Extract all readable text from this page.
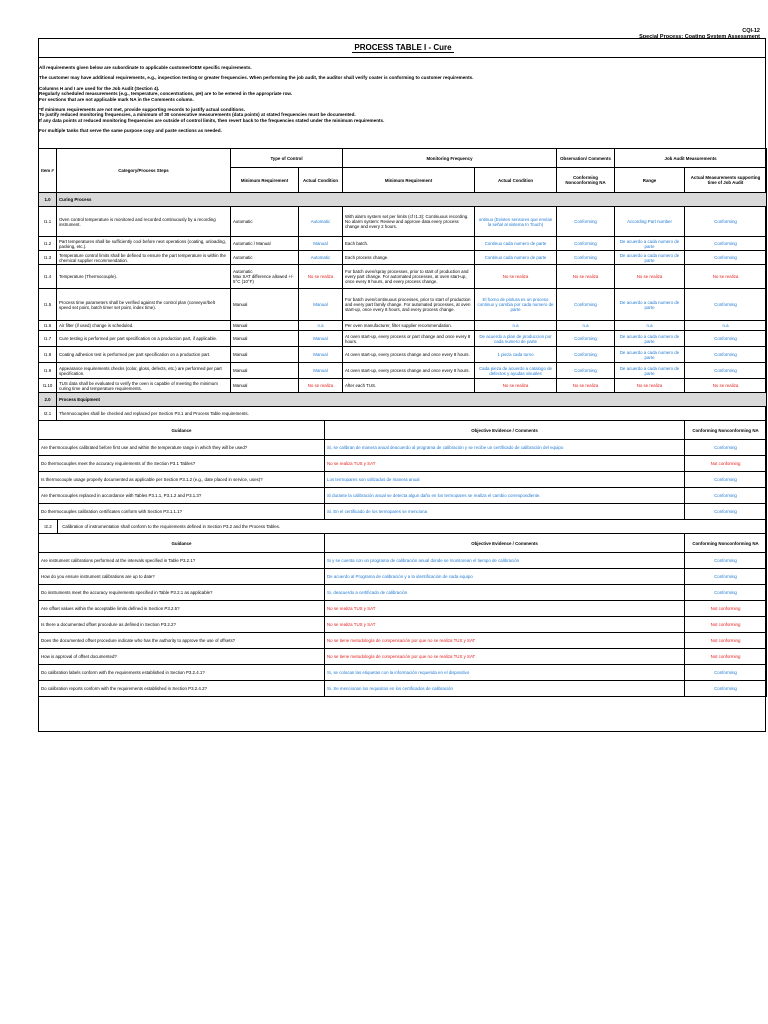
CQI-12
Special Process: Coating System Assessment
PROCESS TABLE I - Cure

All requirements given below are subordinate to applicable customer/OEM specific requirements.

The customer may have additional requirements, e.g., inspection testing or greater frequencies. When performing the job audit, the auditor shall verify coater is conforming to customer requirements.

Columns H and I are used for the Job Audit (Section 4).

Regularly scheduled measurements (e.g., temperature, concentrations, pH) are to be entered in the appropriate row.

For sections that are not applicable mark NA in the Comments column.

*If minimum requirements are not met, provide supporting records to justify actual conditions.

To justify reduced monitoring frequencies, a minimum of 30 consecutive measurements (data points) at stated frequencies must be documented.

If any data points at reduced monitoring frequencies are outside of control limits, then revert back to the frequencies stated under the minimum requirements.

For multiple tanks that serve the same purpose copy and paste sections as needed.

Item #	Category/Process Steps	Type of Control		Monitoring Frequency		Observation/ Comments	Job Audit Measurements	
		Minimum Requirement	Actual Condition	Minimum Requirement	Actual Condition	Conforming Nonconforming NA	Range	Actual Measurements supporting time of Job Audit
1.0	Curing Process							
I1.1	Oven control temperature is monitored and recorded continuously by a recording instrument.	Automatic	Automatic	With alarm system set per limits (cf I1.3): Continuous recording.
No alarm system: Review and approve data every process change and every 2 hours.	ontinuo (Existen sensores que envían la señal al sistema In Touch)	Conforming	According Part number	Conforming
I1.2	Part temperatures shall be sufficiently cool before next operations (coating, unloading, packing, etc.).	Automatic / Manual	Manual	Each batch.	Continuo cada numero de parte	Conforming	De acuerdo a cada numero de parte	Conforming
I1.3	Temperature control limits shall be defined to ensure the part temperature is within the chemical supplier recommendation.	Automatic	Automatic	Each process change.	Continuo cada numero de parte	Conforming	De acuerdo a cada numero de parte	Conforming
I1.4	Temperature (Thermocouple).	Automatic
Max SAT difference allowed +/- 5°C (10°F)	No se realiza	For batch oven/spray processes, prior to start of production and every part change. For automated processes, at oven start-up, once every 8 hours, and every process change.	No se realiza	No se realiza	No se realiza	No se realiza
I1.5	Process time parameters shall be verified against the control plan (conveyor/belt speed set point, batch timer set point, index time).	Manual	Manual	For batch oven/continuous processes, prior to start of production and every part family change. For automated processes, at oven start-up, once every 8 hours, and every process change.	El horno de pintura es un proceso continuo y cambia por cada numero de parte	Conforming	De acuerdo a cada numero de parte	Conforming
I1.6	Air filter (if used) change is scheduled.	Manual	n.a	Per oven manufacturer, filter supplier recommendation.	n.a	n.a	n.a	n.a
I1.7	Cure testing is performed per part specification on a production part, if applicable.	Manual	Manual	At oven start-up, every process or part change and once every 8 hours.	De acuerdo a plan de produccion por cada numero de parte	Conforming	De acuerdo a cada numero de parte	Conforming
I1.8	Coating adhesion test is performed per part specification on a production part.	Manual	Manual	At oven start-up, every process change and once every 8 hours.	1 pieza cada turno	Conforming	De acuerdo a cada numero de parte	Conforming
I1.9	Appearance requirements checks (color, gloss, defects, etc.) are performed per part specification.	Manual	Manual	At oven start-up, every process change and once every 8 hours.	Cada pieza de acuerdo a catalogo de defectos y ayudas visuales	Conforming	De acuerdo a cada numero de parte	Conforming
I1.10	TUS data shall be evaluated to verify the oven is capable of meeting the minimum curing time and temperature requirements.	Manual	No se realiza	After each TUS.	No se realiza	No se realiza	No se realiza	No se realiza
2.0	Process Equipment							
I2.1	Thermocouples shall be checked and replaced per Section P3.1 and Process Table requirements.							
Guidance	Objective Evidence / Comments	Conforming Nonconforming NA
Are thermocouples calibrated before first use and within the temperature range in which they will be used?	Si, se calibran de manera anual deacuerdo al programa de calibración y se recibe un certificado de calibración del equipo	Conforming
Do thermocouples meet the accuracy requirements of the Section P3.1 Tables?	No se realiza TUS y SAT	Not conforming
Is thermocouple usage properly documented as applicable per Section P3.1.2 (e.g., date placed in service, uses)?	Los termopares son utilizados de manera anual	Conforming
Are thermocouples replaced in accordance with Tables P3.1.1, P3.1.2 and P3.1.3?	Si durante la calibración anual se detecta algun daño en los termopares se realiza el cambio correspondiente.	Conforming
Do thermocouples calibration certificates conform with Section P3.1.1.1?	Si. En el certificado de los termopares se menciona	Conforming
I2.2 Calibration of instrumentation shall conform to the requirements defined in Section P3.2 and the Process Tables.		
Guidance	Objective Evidence / Comments	Conforming Nonconforming NA
Are instrument calibrations performed at the intervals specified in Table P3.2.1?	Si y se cuenta con un programa de calibración anual donde se monitorean el tiempo de calibración	Conforming
How do you ensure instrument calibrations are up to date?	De acuerdo al Programa de calibración y a la identificación de cada equipo	Conforming
Do instruments meet the accuracy requirements specified in Table P3.2.1 as applicable?	Si, deacuerdo a certificado de calibración	Conforming
Are offset values within the acceptable limits defined in Section P3.2.5?	No se realiza TUS y SAT	Not conforming
Is there a documented offset procedure as defined in Section P3.2.2?	No se realiza TUS y SAT	Not conforming
Does the documented offset procedure indicate who has the authority to approve the use of offsets?	No se tiene metodología de compensación por que no se realiza TUS y SAT	Not conforming
How is approval of offset documented?	No se tiene metodología de compensación por que no se realiza TUS y SAT	Not conforming
Do calibration labels conform with the requirements established in Section P3.2.4.1?	Si, se colocan las etiquetas con la información requerida en el dispositivo	Conforming
Do calibration reports conform with the requirements established in Section P3.2.4.2?	Si. Se mencionan los requisitos en los certificados de calibración	Conforming
